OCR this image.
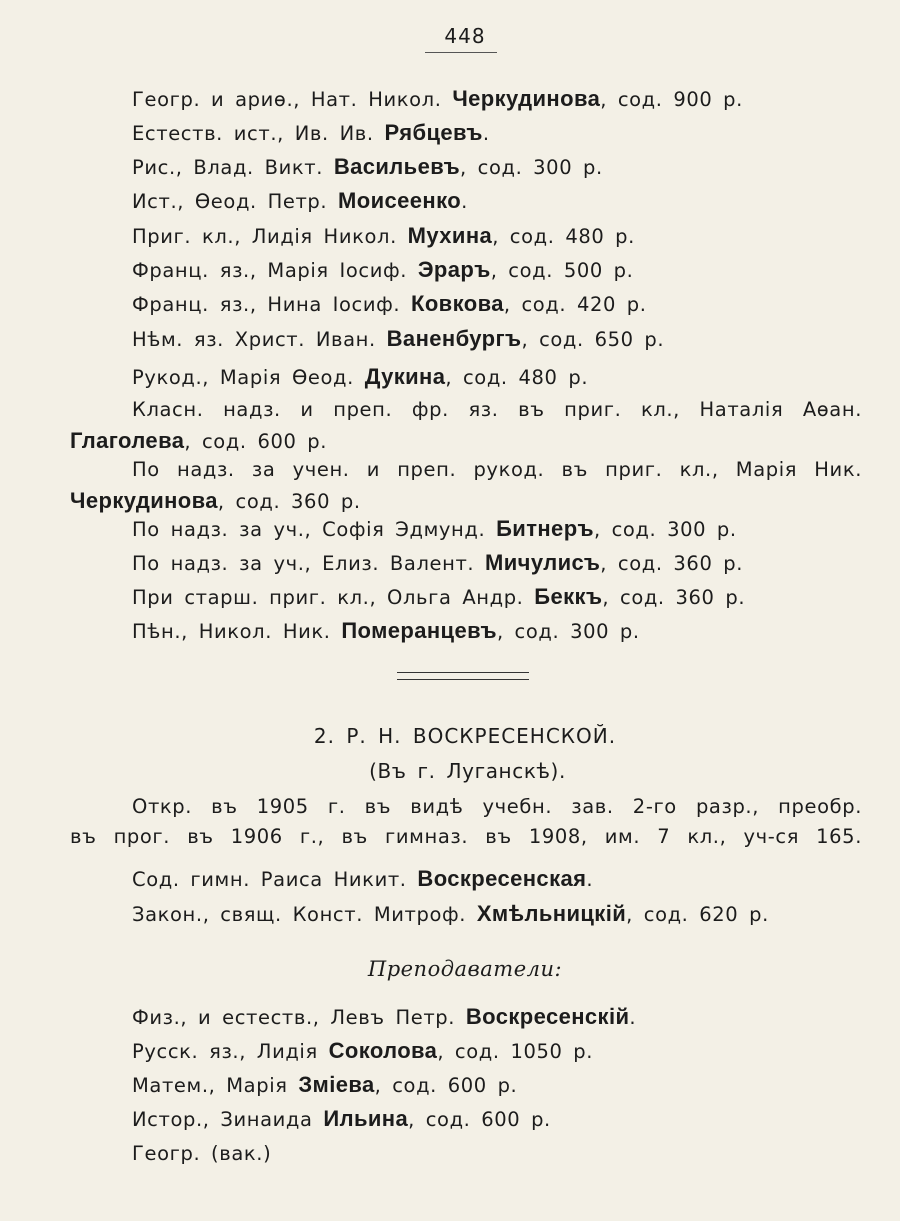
448
Геогр. и ариѳ., Нат. Никол. Черкудинова, сод. 900 р.
Естеств. ист., Ив. Ив. Рябцевъ.
Рис., Влад. Викт. Васильевъ, сод. 300 р.
Ист., Ѳеод. Петр. Моисеенко.
Приг. кл., Лидія Никол. Мухина, сод. 480 р.
Франц. яз., Марія Іосиф. Эраръ, сод. 500 р.
Франц. яз., Нина Іосиф. Ковкова, сод. 420 р.
Нѣм. яз. Христ. Иван. Ваненбургъ, сод. 650 р.
Рукод., Марія Ѳеод. Дукина, сод. 480 р.
Класн. надз. и преп. фр. яз. въ приг. кл., Наталія Аѳан.
Глаголева, сод. 600 р.
По надз. за учен. и преп. рукод. въ приг. кл., Марія Ник.
Черкудинова, сод. 360 р.
По надз. за уч., Софія Эдмунд. Битнеръ, сод. 300 р.
По надз. за уч., Елиз. Валент. Мичулисъ, сод. 360 р.
При старш. приг. кл., Ольга Андр. Беккъ, сод. 360 р.
Пѣн., Никол. Ник. Померанцевъ, сод. 300 р.
2. Р. Н. ВОСКРЕСЕНСКОЙ.
(Въ г. Луганскѣ).
Откр. въ 1905 г. въ видѣ учебн. зав. 2-го разр., преобр.
въ прог. въ 1906 г., въ гимназ. въ 1908, им. 7 кл., уч-ся 165.
Сод. гимн. Раиса Никит. Воскресенская.
Закон., свящ. Конст. Митроф. Хмѣльницкій, сод. 620 р.
Преподаватели:
Физ., и естеств., Левъ Петр. Воскресенскій.
Русск. яз., Лидія Соколова, сод. 1050 р.
Матем., Марія Зміева, сод. 600 р.
Истор., Зинаида Ильина, сод. 600 р.
Геогр. (вак.)
